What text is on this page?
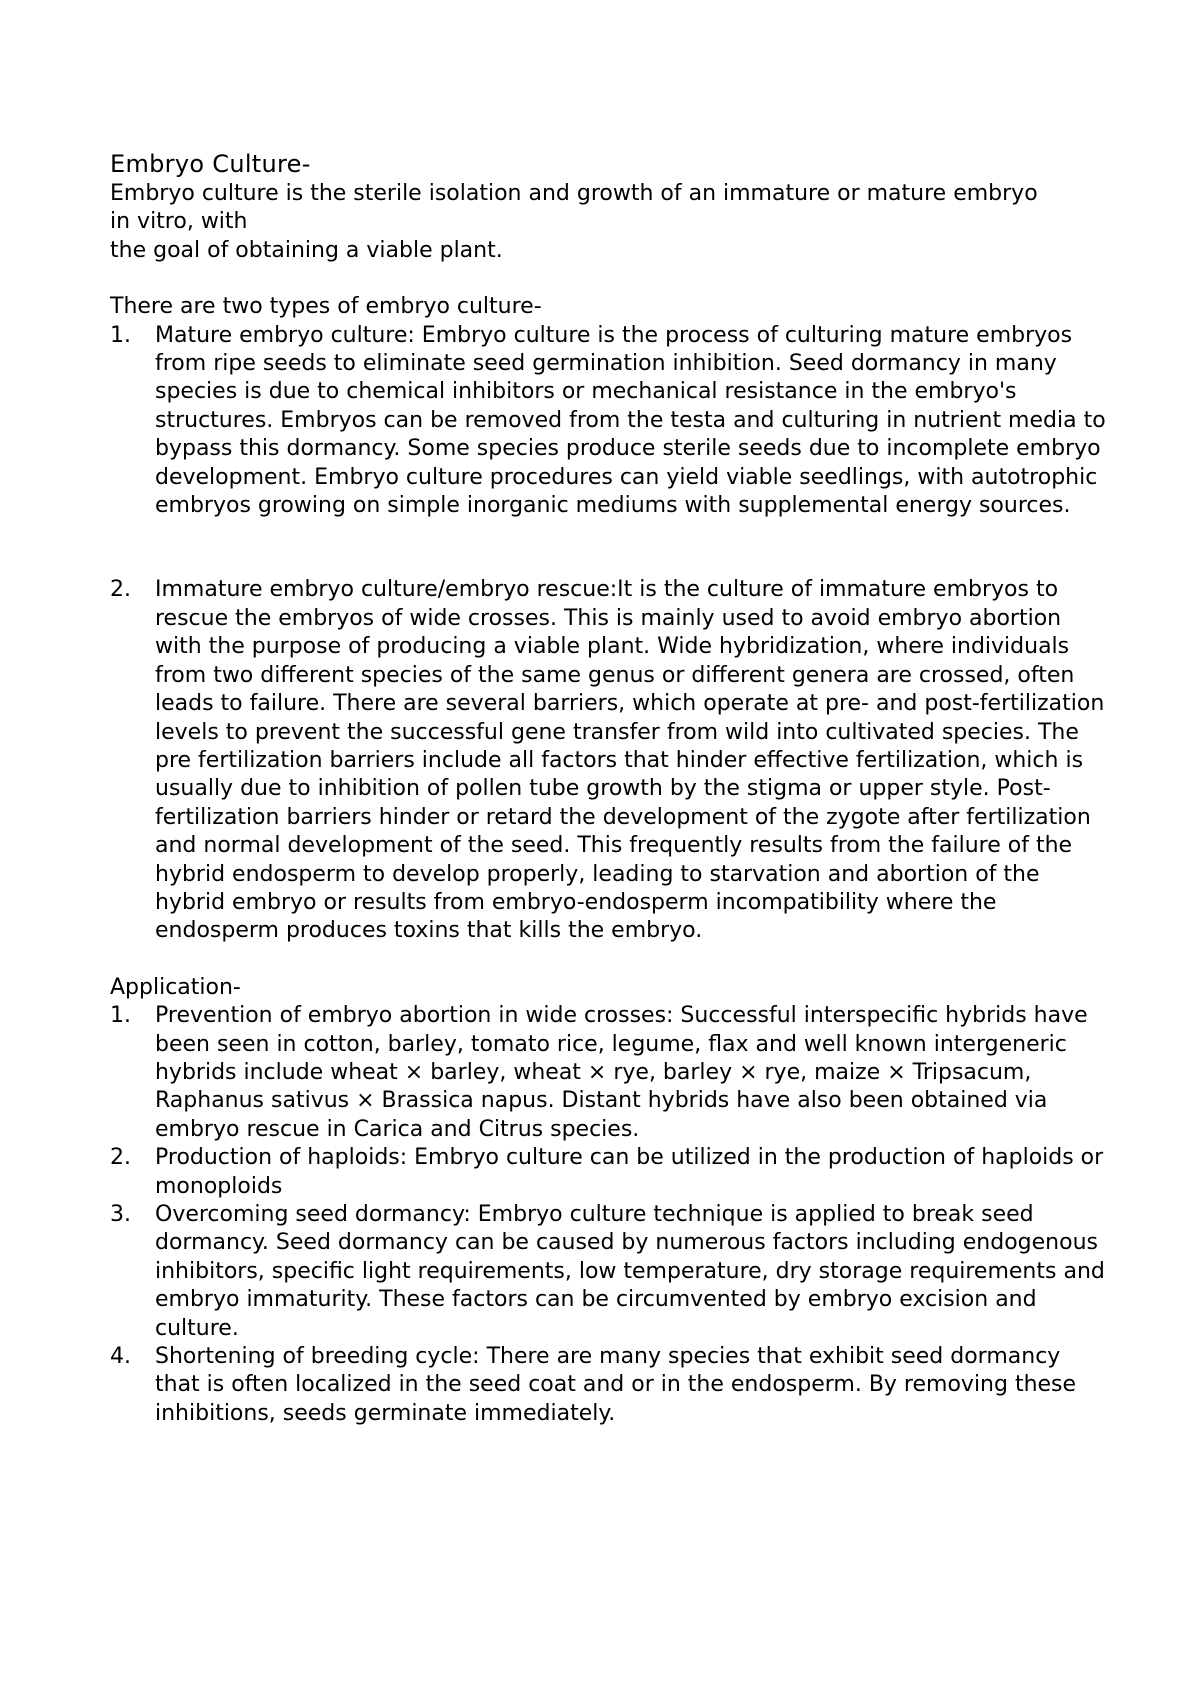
Embryo Culture-

Embryo culture is the sterile isolation and growth of an immature or mature embryo in vitro, with

the goal of obtaining a viable plant.

There are two types of embryo culture-

1.	Mature embryo culture: Embryo culture is the process of culturing mature embryos from ripe seeds to eliminate seed germination inhibition. Seed dormancy in many species is due to chemical inhibitors or mechanical resistance in the embryo's structures. Embryos can be removed from the testa and culturing in nutrient media to bypass this dormancy. Some species produce sterile seeds due to incomplete embryo development. Embryo culture procedures can yield viable seedlings, with autotrophic embryos growing on simple inorganic mediums with supplemental energy sources.
2.	Immature embryo culture/embryo rescue:It is the culture of immature embryos to rescue the embryos of wide crosses. This is mainly used to avoid embryo abortion with the purpose of producing a viable plant. Wide hybridization, where individuals from two different species of the same genus or different genera are crossed, often leads to failure. There are several barriers, which operate at pre- and post-fertilization levels to prevent the successful gene transfer from wild into cultivated species. The pre fertilization barriers include all factors that hinder effective fertilization, which is usually due to inhibition of pollen tube growth by the stigma or upper style. Post-fertilization barriers hinder or retard the development of the zygote after fertilization and normal development of the seed. This frequently results from the failure of the hybrid endosperm to develop properly, leading to starvation and abortion of the hybrid embryo or results from embryo-endosperm incompatibility where the endosperm produces toxins that kills the embryo.

Application-

1.	Prevention of embryo abortion in wide crosses: Successful interspecific hybrids have been seen in cotton, barley, tomato rice, legume, flax and well known intergeneric hybrids include wheat × barley, wheat × rye, barley × rye, maize × Tripsacum, Raphanus sativus × Brassica napus. Distant hybrids have also been obtained via embryo rescue in Carica and Citrus species.
2.	Production of haploids: Embryo culture can be utilized in the production of haploids or monoploids
3.	Overcoming seed dormancy: Embryo culture technique is applied to break seed dormancy. Seed dormancy can be caused by numerous factors including endogenous inhibitors, specific light requirements, low temperature, dry storage requirements and embryo immaturity. These factors can be circumvented by embryo excision and culture.
4.	Shortening of breeding cycle: There are many species that exhibit seed dormancy that is often localized in the seed coat and or in the endosperm. By removing these inhibitions, seeds germinate immediately.
